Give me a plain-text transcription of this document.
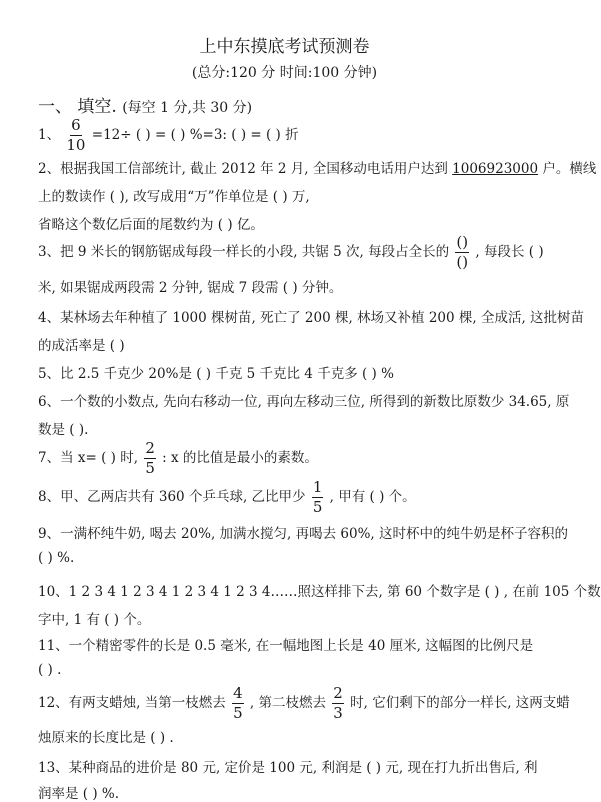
上中东摸底考试预测卷
(总分:120 分 时间:100 分钟)
一、 填空. (每空 1 分,共 30 分)
1、 $\frac{6}{10} =12\div$ ( ) = ( ) %=3: ( ) = ( ) 折
2、根据我国工信部统计, 截止 2012 年 2 月, 全国移动电话用户达到 1006923000 户。横线
上的数读作 ( ), 改写成用“万”作单位是 ( ) 万,
省略这个数亿后面的尾数约为 ( ) 亿。
3、把 9 米长的钢筋锯成每段一样长的小段, 共锯 5 次, 每段占全长的 $\frac{()}{()}$ , 每段长 ( )
米, 如果锯成两段需 2 分钟, 锯成 7 段需 ( ) 分钟。
4、某林场去年种植了 1000 棵树苗, 死亡了 200 棵, 林场又补植 200 棵, 全成活, 这批树苗
的成活率是 ( )
5、比 2.5 千克少 20%是 ( ) 千克 5 千克比 4 千克多 ( ) %
6、一个数的小数点, 先向右移动一位, 再向左移动三位, 所得到的新数比原数少 34.65, 原
数是 ( ).
7、当 x= ( ) 时, $\frac{2}{5}$ : x 的比值是最小的素数。
8、甲、乙两店共有 360 个乒乓球, 乙比甲少 $\frac{1}{5}$ , 甲有 ( ) 个。
9、一满杯纯牛奶, 喝去 20%, 加满水搅匀, 再喝去 60%, 这时杯中的纯牛奶是杯子容积的
( ) %.
10、1 2 3 4 1 2 3 4 1 2 3 4 1 2 3 4……照这样排下去, 第 60 个数字是 ( ) , 在前 105 个数
字中, 1 有 ( ) 个。
11、一个精密零件的长是 0.5 毫米, 在一幅地图上长是 40 厘米, 这幅图的比例尺是
( ) .
12、有两支蜡烛, 当第一枝燃去 $\frac{4}{5}$ , 第二枝燃去 $\frac{2}{3}$ 时, 它们剩下的部分一样长, 这两支蜡
烛原来的长度比是 ( ) .
13、某种商品的进价是 80 元, 定价是 100 元, 利润是 ( ) 元, 现在打九折出售后, 利
润率是 ( ) %.
